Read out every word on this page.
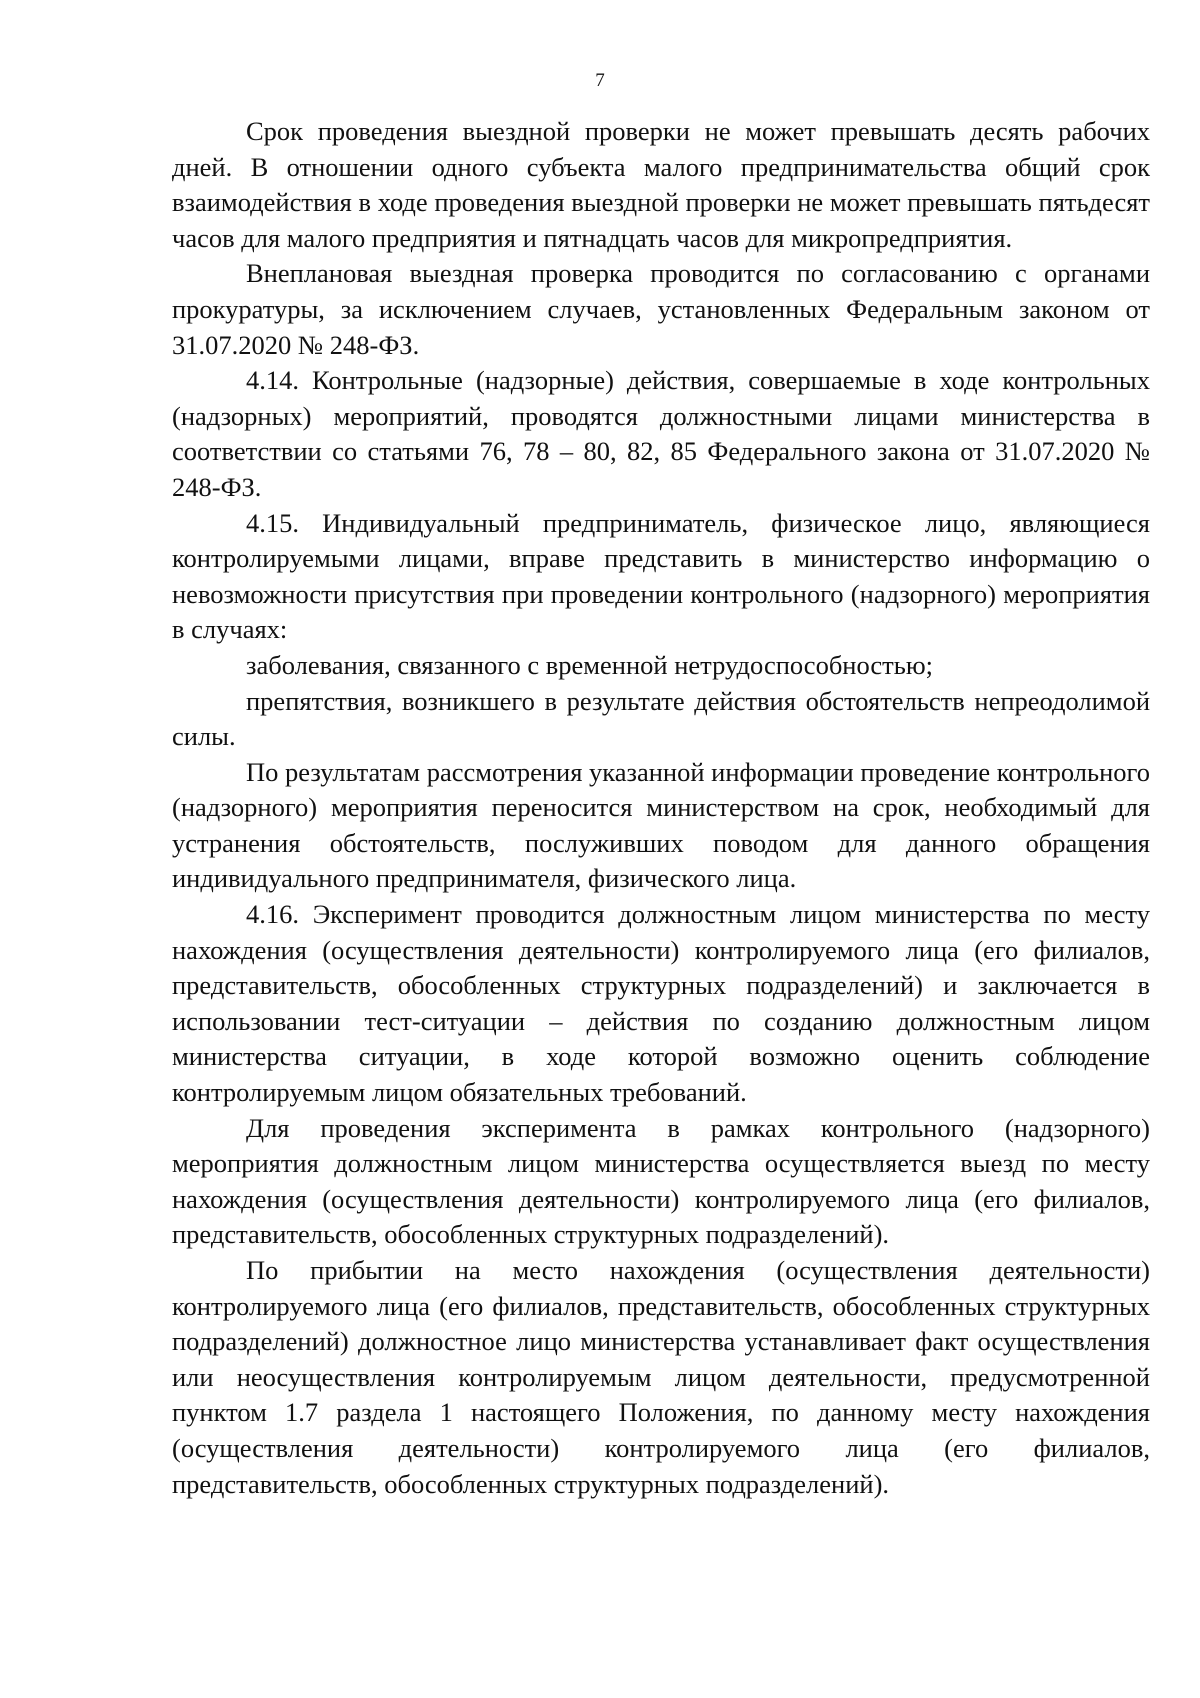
7

Срок проведения выездной проверки не может превышать десять рабочих дней. В отношении одного субъекта малого предпринимательства общий срок взаимодействия в ходе проведения выездной проверки не может превышать пятьдесят часов для малого предприятия и пятнадцать часов для микропредприятия.

Внеплановая выездная проверка проводится по согласованию с органами прокуратуры, за исключением случаев, установленных Федеральным законом от 31.07.2020 № 248-ФЗ.

4.14. Контрольные (надзорные) действия, совершаемые в ходе контрольных (надзорных) мероприятий, проводятся должностными лицами министерства в соответствии со статьями 76, 78 – 80, 82, 85 Федерального закона от 31.07.2020 № 248-ФЗ.

4.15. Индивидуальный предприниматель, физическое лицо, являющиеся контролируемыми лицами, вправе представить в министерство информацию о невозможности присутствия при проведении контрольного (надзорного) мероприятия в случаях:

заболевания, связанного с временной нетрудоспособностью;

препятствия, возникшего в результате действия обстоятельств непреодолимой силы.

По результатам рассмотрения указанной информации проведение контрольного (надзорного) мероприятия переносится министерством на срок, необходимый для устранения обстоятельств, послуживших поводом для данного обращения индивидуального предпринимателя, физического лица.

4.16. Эксперимент проводится должностным лицом министерства по месту нахождения (осуществления деятельности) контролируемого лица (его филиалов, представительств, обособленных структурных подразделений) и заключается в использовании тест-ситуации – действия по созданию должностным лицом министерства ситуации, в ходе которой возможно оценить соблюдение контролируемым лицом обязательных требований.

Для проведения эксперимента в рамках контрольного (надзорного) мероприятия должностным лицом министерства осуществляется выезд по месту нахождения (осуществления деятельности) контролируемого лица (его филиалов, представительств, обособленных структурных подразделений).

По прибытии на место нахождения (осуществления деятельности) контролируемого лица (его филиалов, представительств, обособленных структурных подразделений) должностное лицо министерства устанавливает факт осуществления или неосуществления контролируемым лицом деятельности, предусмотренной пунктом 1.7 раздела 1 настоящего Положения, по данному месту нахождения (осуществления деятельности) контролируемого лица (его филиалов, представительств, обособленных структурных подразделений).
